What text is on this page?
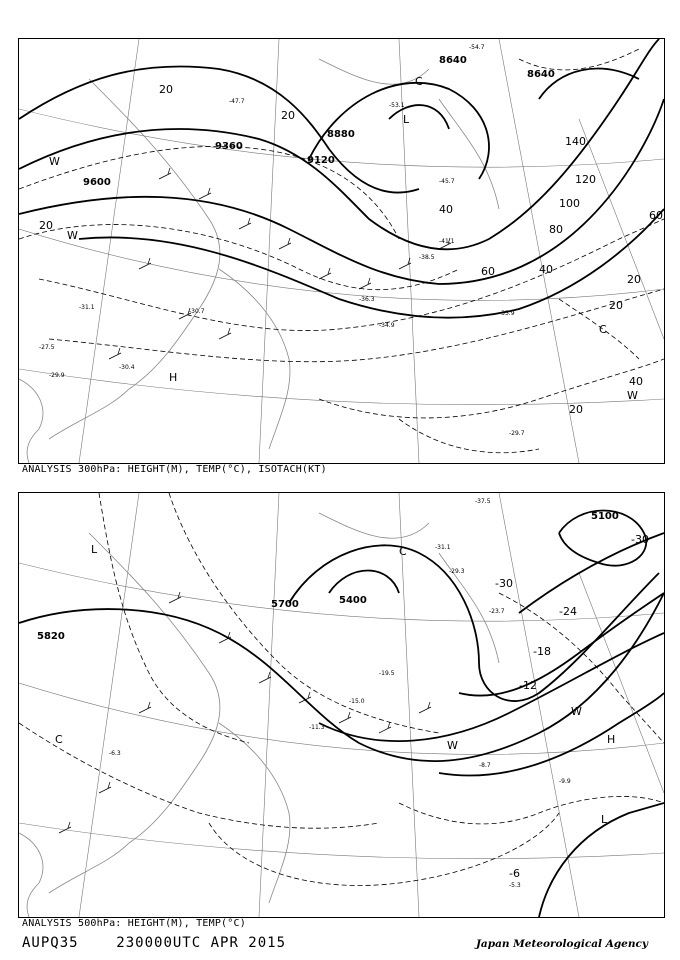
8640
8640
8880
9120
9360
9600
20
20
20
20
20
20
40
40
40
60
60
80
100
120
140
H
L
C
C
W
W
W
-54.7
-53.1
-47.7
-45.7
-41.1
-38.5
-36.3
-35.9
-34.9
-31.1
-30.7
-30.4
-29.9
-29.7
-27.5
ANALYSIS 300hPa: HEIGHT(M), TEMP(°C), ISOTACH(KT)
5100
5400
5700
5820
-6
-12
-18
-24
-30
-30
H
L
L
C
C
W
W
-37.5
-31.1
-29.3
-23.7
-19.5
-15.0
-11.3
-9.9
-8.7
-6.3
-5.3
ANALYSIS 500hPa: HEIGHT(M), TEMP(°C)
AUPQ35	230000UTC APR 2015	Japan Meteorological Agency
